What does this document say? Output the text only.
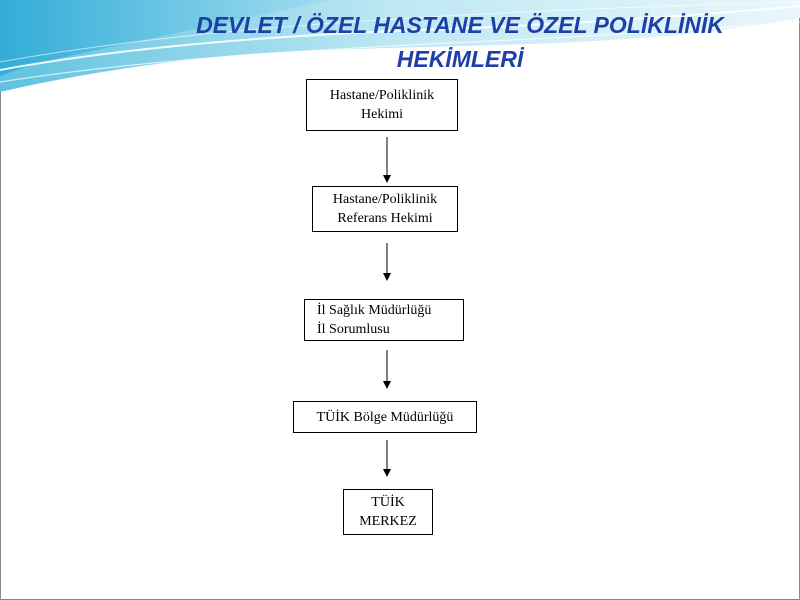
DEVLET / ÖZEL HASTANE VE ÖZEL POLİKLİNİK HEKİMLERİ
Hastane/Poliklinik
Hekimi
Hastane/Poliklinik
Referans Hekimi
İl Sağlık Müdürlüğü
İl Sorumlusu
TÜİK Bölge Müdürlüğü
TÜİK
MERKEZ
